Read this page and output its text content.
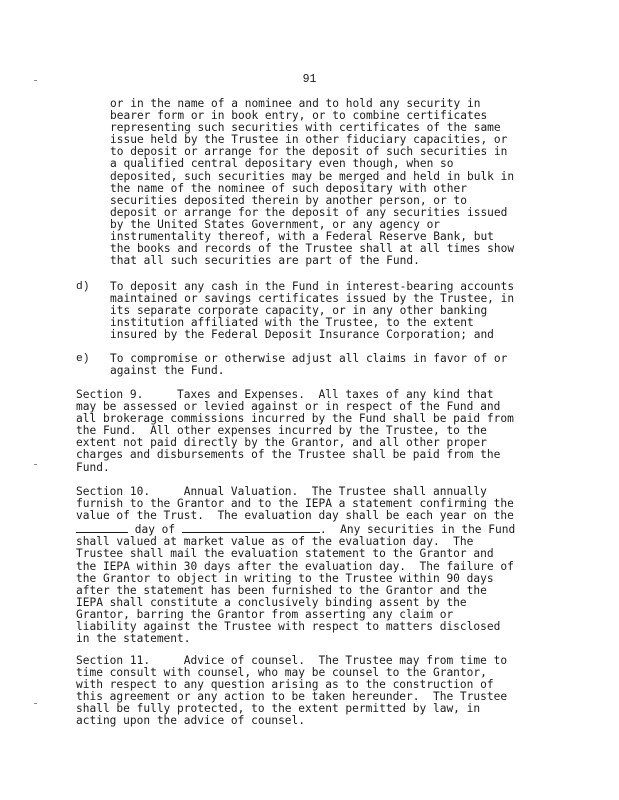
91
or in the name of a nominee and to hold any security in
bearer form or in book entry, or to combine certificates
representing such securities with certificates of the same
issue held by the Trustee in other fiduciary capacities, or
to deposit or arrange for the deposit of such securities in
a qualified central depositary even though, when so
deposited, such securities may be merged and held in bulk in
the name of the nominee of such depositary with other
securities deposited therein by another person, or to
deposit or arrange for the deposit of any securities issued
by the United States Government, or any agency or
instrumentality thereof, with a Federal Reserve Bank, but
the books and records of the Trustee shall at all times show
that all such securities are part of the Fund.
d) To deposit any cash in the Fund in interest-bearing accounts
maintained or savings certificates issued by the Trustee, in
its separate corporate capacity, or in any other banking
institution affiliated with the Trustee, to the extent
insured by the Federal Deposit Insurance Corporation; and
e) To compromise or otherwise adjust all claims in favor of or
against the Fund.
Section 9.     Taxes and Expenses.  All taxes of any kind that
may be assessed or levied against or in respect of the Fund and
all brokerage commissions incurred by the Fund shall be paid from
the Fund.  All other expenses incurred by the Trustee, to the
extent not paid directly by the Grantor, and all other proper
charges and disbursements of the Trustee shall be paid from the
Fund.
Section 10.     Annual Valuation.  The Trustee shall annually
furnish to the Grantor and to the IEPA a statement confirming the
value of the Trust.  The evaluation day shall be each year on the
day of	.  Any securities in the Fund
shall valued at market value as of the evaluation day.  The
Trustee shall mail the evaluation statement to the Grantor and
the IEPA within 30 days after the evaluation day.  The failure of
the Grantor to object in writing to the Trustee within 90 days
after the statement has been furnished to the Grantor and the
IEPA shall constitute a conclusively binding assent by the
Grantor, barring the Grantor from asserting any claim or
liability against the Trustee with respect to matters disclosed
in the statement.
Section 11.     Advice of counsel.  The Trustee may from time to
time consult with counsel, who may be counsel to the Grantor,
with respect to any question arising as to the construction of
this agreement or any action to be taken hereunder.  The Trustee
shall be fully protected, to the extent permitted by law, in
acting upon the advice of counsel.
